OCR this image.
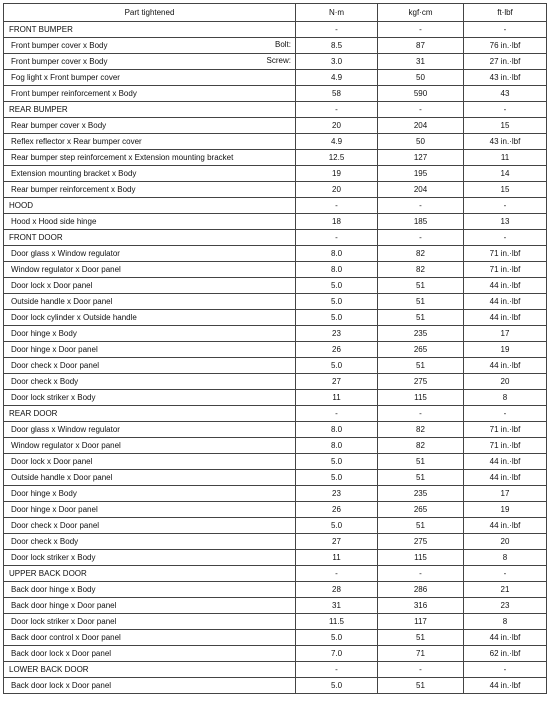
Part tightened	N·m	kgf·cm	ft·lbf
FRONT BUMPER	-	-	-
Front bumper cover x Body Bolt:	8.5	87	76 in.·lbf
Front bumper cover x Body Screw:	3.0	31	27 in.·lbf
Fog light x Front bumper cover	4.9	50	43 in.·lbf
Front bumper reinforcement x Body	58	590	43
REAR BUMPER	-	-	-
Rear bumper cover x Body	20	204	15
Reflex reflector x Rear bumper cover	4.9	50	43 in.·lbf
Rear bumper step reinforcement x Extension mounting bracket	12.5	127	11
Extension mounting bracket x Body	19	195	14
Rear bumper reinforcement x Body	20	204	15
HOOD	-	-	-
Hood x Hood side hinge	18	185	13
FRONT DOOR	-	-	-
Door glass x Window regulator	8.0	82	71 in.·lbf
Window regulator x Door panel	8.0	82	71 in.·lbf
Door lock x Door panel	5.0	51	44 in.·lbf
Outside handle x Door panel	5.0	51	44 in.·lbf
Door lock cylinder x Outside handle	5.0	51	44 in.·lbf
Door hinge x Body	23	235	17
Door hinge x Door panel	26	265	19
Door check x Door panel	5.0	51	44 in.·lbf
Door check x Body	27	275	20
Door lock striker x Body	11	115	8
REAR DOOR	-	-	-
Door glass x Window regulator	8.0	82	71 in.·lbf
Window regulator x Door panel	8.0	82	71 in.·lbf
Door lock x Door panel	5.0	51	44 in.·lbf
Outside handle x Door panel	5.0	51	44 in.·lbf
Door hinge x Body	23	235	17
Door hinge x Door panel	26	265	19
Door check x Door panel	5.0	51	44 in.·lbf
Door check x Body	27	275	20
Door lock striker x Body	11	115	8
UPPER BACK DOOR	-	-	-
Back door hinge x Body	28	286	21
Back door hinge x Door panel	31	316	23
Door lock striker x Door panel	11.5	117	8
Back door control x Door panel	5.0	51	44 in.·lbf
Back door lock x Door panel	7.0	71	62 in.·lbf
LOWER BACK DOOR	-	-	-
Back door lock x Door panel	5.0	51	44 in.·lbf
